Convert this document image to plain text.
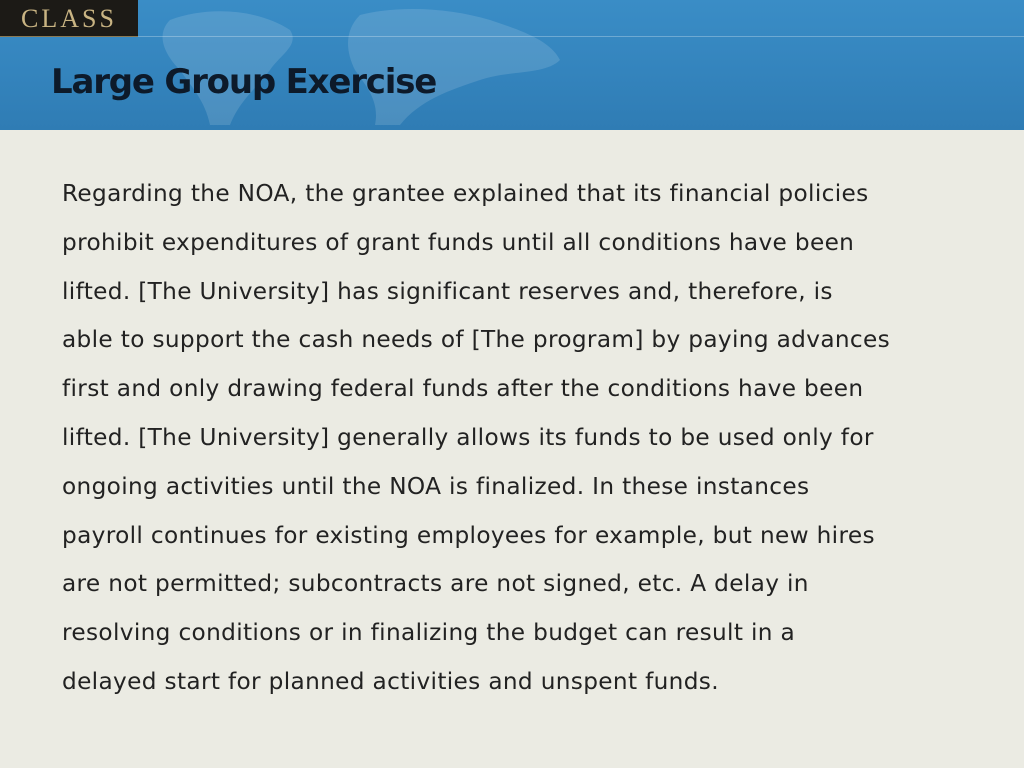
CLASS
Large Group Exercise

Regarding the NOA, the grantee explained that its financial policies
prohibit expenditures of grant funds until all conditions have been
lifted. [The University] has significant reserves and, therefore, is
able to support the cash needs of [The program] by paying advances
first and only drawing federal funds after the conditions have been
lifted. [The University] generally allows its funds to be used only for
ongoing activities until the NOA is finalized. In these instances
payroll continues for existing employees for example, but new hires
are not permitted; subcontracts are not signed, etc. A delay in
resolving conditions or in finalizing the budget can result in a
delayed start for planned activities and unspent funds.
